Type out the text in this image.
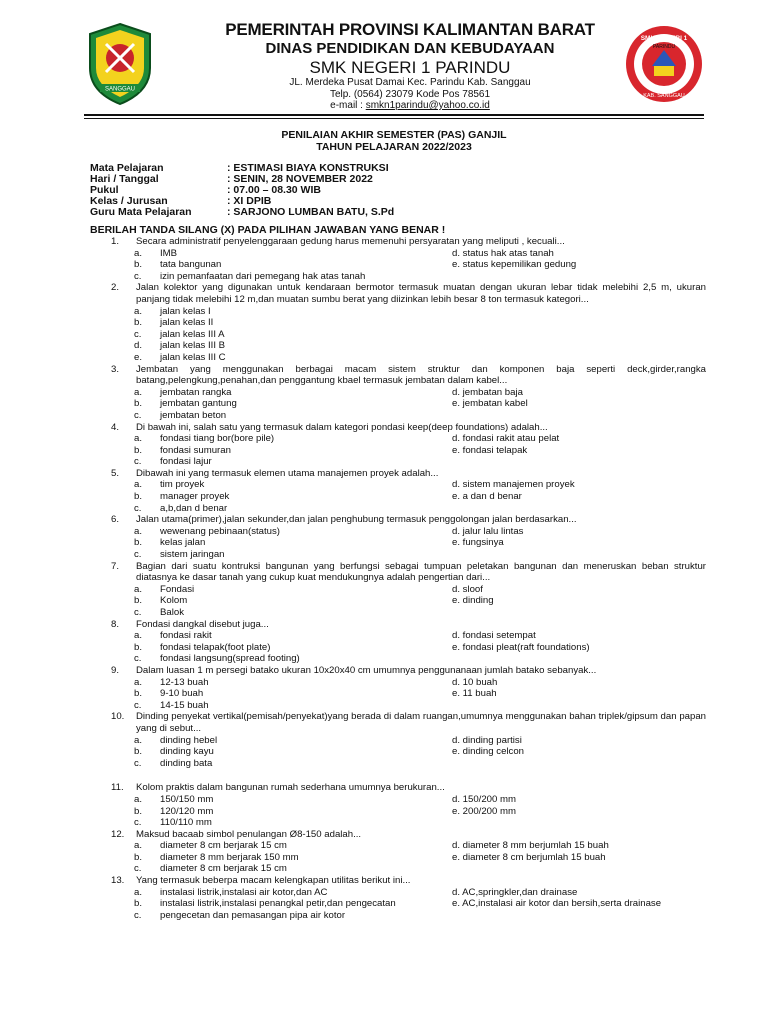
SANGGAU
PEMERINTAH PROVINSI KALIMANTAN BARAT
DINAS PENDIDIKAN DAN KEBUDAYAAN
SMK NEGERI 1 PARINDU
JL. Merdeka Pusat Damai Kec. Parindu Kab. Sanggau
Telp. (0564) 23079 Kode Pos 78561
e-mail : smkn1parindu@yahoo.co.id
SMK NEGERI 1
PARINDU
KAB. SANGGAU
PENILAIAN AKHIR SEMESTER (PAS) GANJIL
TAHUN PELAJARAN 2022/2023
Mata Pelajaran	: ESTIMASI BIAYA KONSTRUKSI
Hari / Tanggal	: SENIN, 28 NOVEMBER 2022
Pukul	: 07.00 – 08.30 WIB
Kelas / Jurusan	: XI DPIB
Guru Mata Pelajaran	: SARJONO LUMBAN BATU, S.Pd
BERILAH TANDA SILANG (X) PADA PILIHAN JAWABAN YANG BENAR !
1. Secara administratif penyelenggaraan gedung harus memenuhi persyaratan yang meliputi , kecuali...
a. IMB	d. status hak atas tanah
b. tata bangunan	e. status kepemilikan gedung
c. izin pemanfaatan dari pemegang hak atas tanah
2. Jalan kolektor yang digunakan untuk kendaraan bermotor termasuk muatan dengan ukuran lebar tidak melebihi 2,5 m, ukuran panjang tidak melebihi 12 m,dan muatan sumbu berat yang diizinkan lebih besar 8 ton termasuk kategori...
a. jalan kelas I
b. jalan kelas II
c. jalan kelas III A
d. jalan kelas III B
e. jalan kelas III C
3. Jembatan yang menggunakan berbagai macam sistem struktur dan komponen baja seperti deck,girder,rangka batang,pelengkung,penahan,dan penggantung kbael termasuk jembatan dalam kabel...
a. jembatan rangka	d. jembatan baja
b. jembatan gantung	e. jembatan kabel
c. jembatan beton
4. Di bawah ini, salah satu yang termasuk dalam kategori pondasi keep(deep foundations) adalah...
a. fondasi tiang bor(bore pile)	d. fondasi rakit atau pelat
b. fondasi sumuran	e. fondasi telapak
c. fondasi lajur
5. Dibawah ini yang termasuk elemen utama manajemen proyek adalah...
a. tim proyek	d. sistem manajemen proyek
b. manager proyek	e. a dan d benar
c. a,b,dan d benar
6. Jalan utama(primer),jalan sekunder,dan jalan penghubung termasuk penggolongan jalan berdasarkan...
a. wewenang pebinaan(status)	d. jalur lalu lintas
b. kelas jalan	e. fungsinya
c. sistem jaringan
7. Bagian dari suatu kontruksi bangunan yang berfungsi sebagai tumpuan peletakan bangunan dan meneruskan beban struktur diatasnya ke dasar tanah yang cukup kuat mendukungnya adalah pengertian dari...
a. Fondasi	d. sloof
b. Kolom	e. dinding
c. Balok
8. Fondasi dangkal disebut juga...
a. fondasi rakit	d. fondasi setempat
b. fondasi telapak(foot plate)	e. fondasi pleat(raft foundations)
c. fondasi langsung(spread footing)
9. Dalam luasan 1 m persegi batako ukuran 10x20x40 cm umumnya penggunanaan jumlah batako sebanyak...
a. 12-13 buah	d. 10 buah
b. 9-10 buah	e. 11 buah
c. 14-15 buah
10. Dinding penyekat vertikal(pemisah/penyekat)yang berada di dalam ruangan,umumnya menggunakan bahan triplek/gipsum dan papan yang di sebut...
a. dinding hebel	d. dinding partisi
b. dinding kayu	e. dinding celcon
c. dinding bata
11. Kolom praktis dalam bangunan rumah sederhana umumnya berukuran...
a. 150/150 mm	d. 150/200 mm
b. 120/120 mm	e. 200/200 mm
c. 110/110 mm
12. Maksud bacaab simbol penulangan Ø8-150 adalah...
a. diameter 8 cm berjarak 15 cm	d. diameter 8 mm berjumlah 15 buah
b. diameter 8 mm berjarak 150 mm	e. diameter 8 cm berjumlah 15 buah
c. diameter 8 cm berjarak 15 cm
13. Yang termasuk beberpa macam kelengkapan utilitas berikut ini...
a. instalasi listrik,instalasi air kotor,dan AC	d. AC,springkler,dan drainase
b. instalasi listrik,instalasi penangkal petir,dan pengecatan	e. AC,instalasi air kotor dan bersih,serta drainase
c. pengecetan dan pemasangan pipa air kotor
